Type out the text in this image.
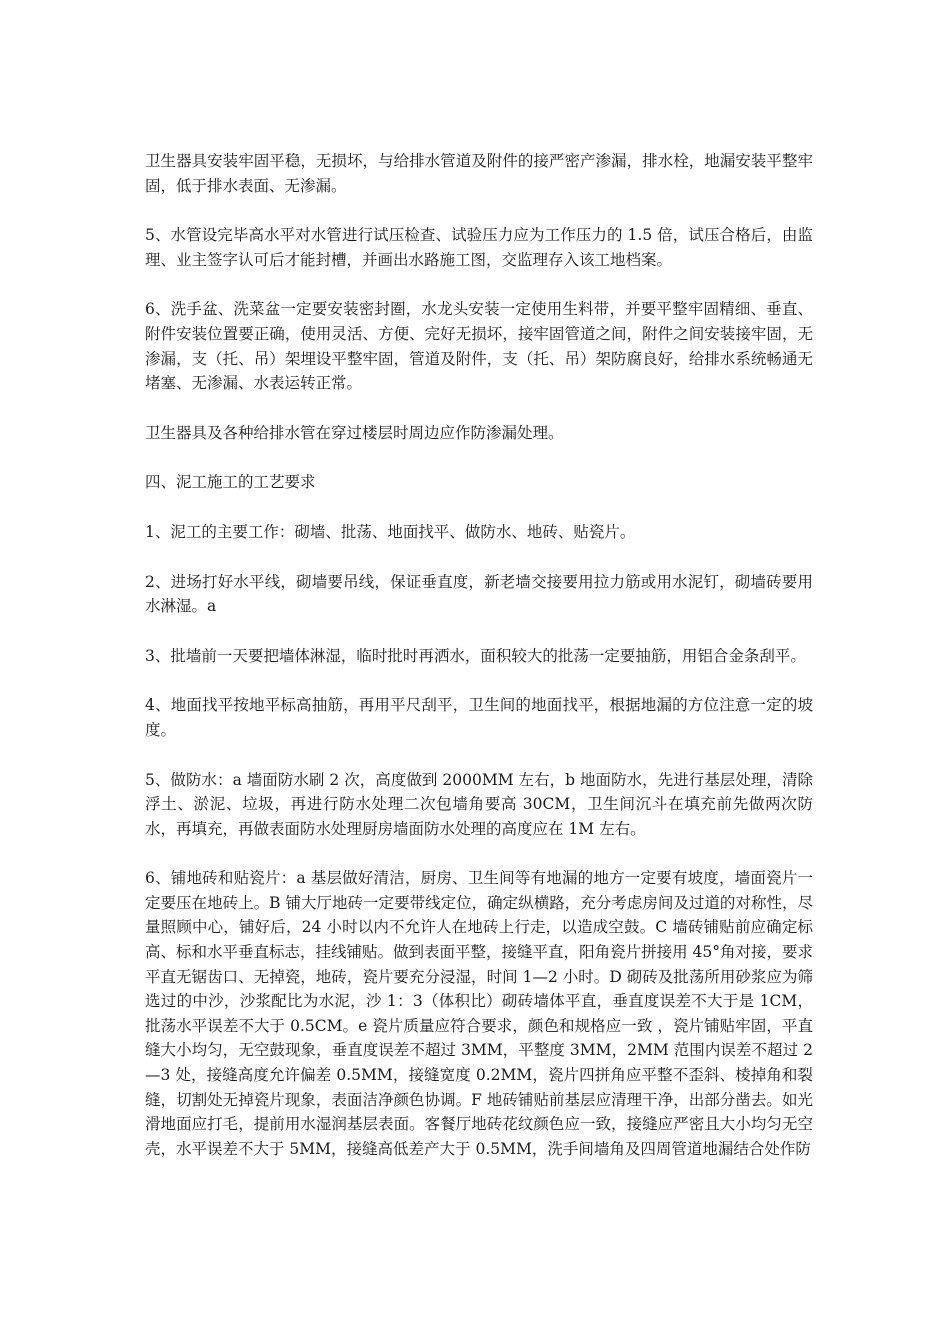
卫生器具安装牢固平稳，无损坏，与给排水管道及附件的接严密产渗漏，排水栓，地漏安装平整牢固，低于排水表面、无渗漏。

5、水管设完毕高水平对水管进行试压检查、试验压力应为工作压力的 1.5 倍，试压合格后，由监理、业主签字认可后才能封槽，并画出水路施工图，交监理存入该工地档案。

6、洗手盆、洗菜盆一定要安装密封圈，水龙头安装一定使用生料带，并要平整牢固精细、垂直、附件安装位置要正确，使用灵活、方便、完好无损坏，接牢固管道之间，附件之间安装接牢固，无渗漏，支（托、吊）架埋设平整牢固，管道及附件，支（托、吊）架防腐良好，给排水系统畅通无堵塞、无渗漏、水表运转正常。

卫生器具及各种给排水管在穿过楼层时周边应作防渗漏处理。

四、泥工施工的工艺要求

1、泥工的主要工作：砌墙、批荡、地面找平、做防水、地砖、贴瓷片。

2、进场打好水平线，砌墙要吊线，保证垂直度，新老墙交接要用拉力筋或用水泥钉，砌墙砖要用水淋湿。a

3、批墙前一天要把墙体淋湿，临时批时再洒水，面积较大的批荡一定要抽筋，用铝合金条刮平。

4、地面找平按地平标高抽筋，再用平尺刮平，卫生间的地面找平，根据地漏的方位注意一定的坡度。

5、做防水：a 墙面防水刷 2 次，高度做到 2000MM 左右，b 地面防水，先进行基层处理，清除浮土、淤泥、垃圾，再进行防水处理二次包墙角要高 30CM，卫生间沉斗在填充前先做两次防水，再填充，再做表面防水处理厨房墙面防水处理的高度应在 1M 左右。

6、铺地砖和贴瓷片：a 基层做好清洁，厨房、卫生间等有地漏的地方一定要有坡度，墙面瓷片一定要压在地砖上。B 铺大厅地砖一定要带线定位，确定纵横路，充分考虑房间及过道的对称性，尽量照顾中心，铺好后，24 小时以内不允许人在地砖上行走，以造成空鼓。C 墙砖铺贴前应确定标高、标和水平垂直标志，挂线铺贴。做到表面平整，接缝平直，阳角瓷片拼接用 45°角对接，要求平直无锯齿口、无掉瓷，地砖，瓷片要充分浸湿，时间 1—2 小时。D 砌砖及批荡所用砂浆应为筛选过的中沙，沙浆配比为水泥，沙 1：3（体积比）砌砖墙体平直，垂直度误差不大于是 1CM，批荡水平误差不大于 0.5CM。e 瓷片质量应符合要求，颜色和规格应一致 ，瓷片铺贴牢固，平直缝大小均匀，无空鼓现象，垂直度误差不超过 3MM，平整度 3MM，2MM 范围内误差不超过 2—3 处，接缝高度允许偏差 0.5MM，接缝宽度 0.2MM，瓷片四拼角应平整不歪斜、棱掉角和裂缝，切割处无掉瓷片现象，表面洁净颜色协调。F 地砖铺贴前基层应清理干净，出部分凿去。如光滑地面应打毛，提前用水湿润基层表面。客餐厅地砖花纹颜色应一致，接缝应严密且大小均匀无空壳，水平误差不大于 5MM，接缝高低差产大于 0.5MM，洗手间墙角及四周管道地漏结合处作防
